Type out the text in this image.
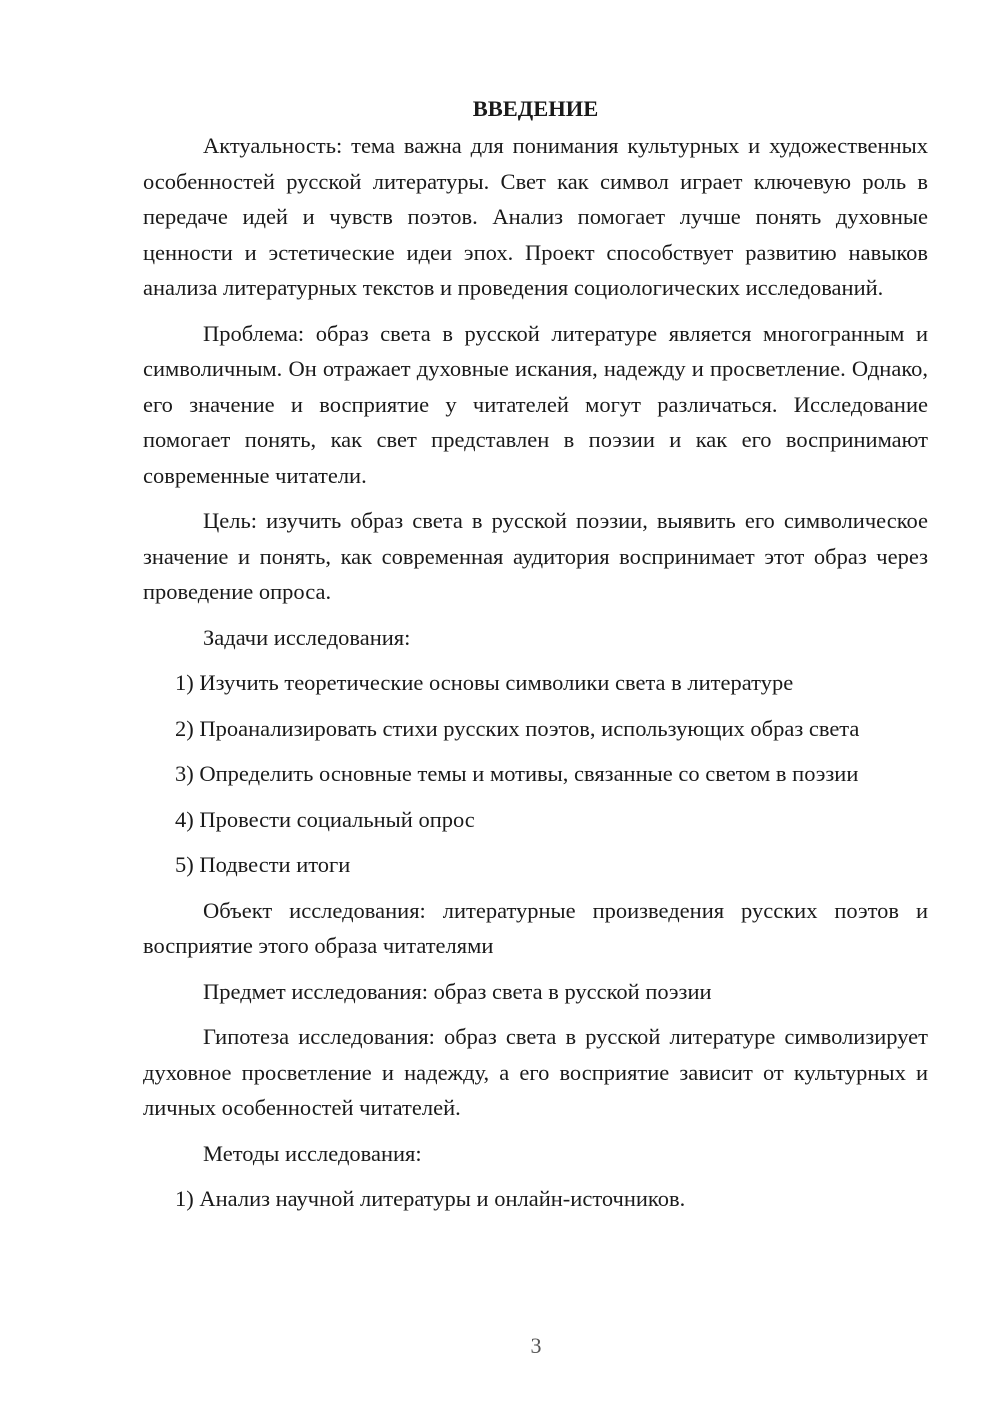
ВВЕДЕНИЕ

Актуальность: тема важна для понимания культурных и художественных особенностей русской литературы. Свет как символ играет ключевую роль в передаче идей и чувств поэтов. Анализ помогает лучше понять духовные ценности и эстетические идеи эпох. Проект способствует развитию навыков анализа литературных текстов и проведения социологических исследований.

Проблема: образ света в русской литературе является многогранным и символичным. Он отражает духовные искания, надежду и просветление. Однако, его значение и восприятие у читателей могут различаться. Исследование помогает понять, как свет представлен в поэзии и как его воспринимают современные читатели.

Цель: изучить образ света в русской поэзии, выявить его символическое значение и понять, как современная аудитория воспринимает этот образ через проведение опроса.

Задачи исследования:

1) Изучить теоретические основы символики света в литературе

2) Проанализировать стихи русских поэтов, использующих образ света

3) Определить основные темы и мотивы, связанные со светом в поэзии

4) Провести социальный опрос

5) Подвести итоги

Объект исследования: литературные произведения русских поэтов и восприятие этого образа читателями

Предмет исследования: образ света в русской поэзии

Гипотеза исследования: образ света в русской литературе символизирует духовное просветление и надежду, а его восприятие зависит от культурных и личных особенностей читателей.

Методы исследования:

1) Анализ научной литературы и онлайн-источников.

3
